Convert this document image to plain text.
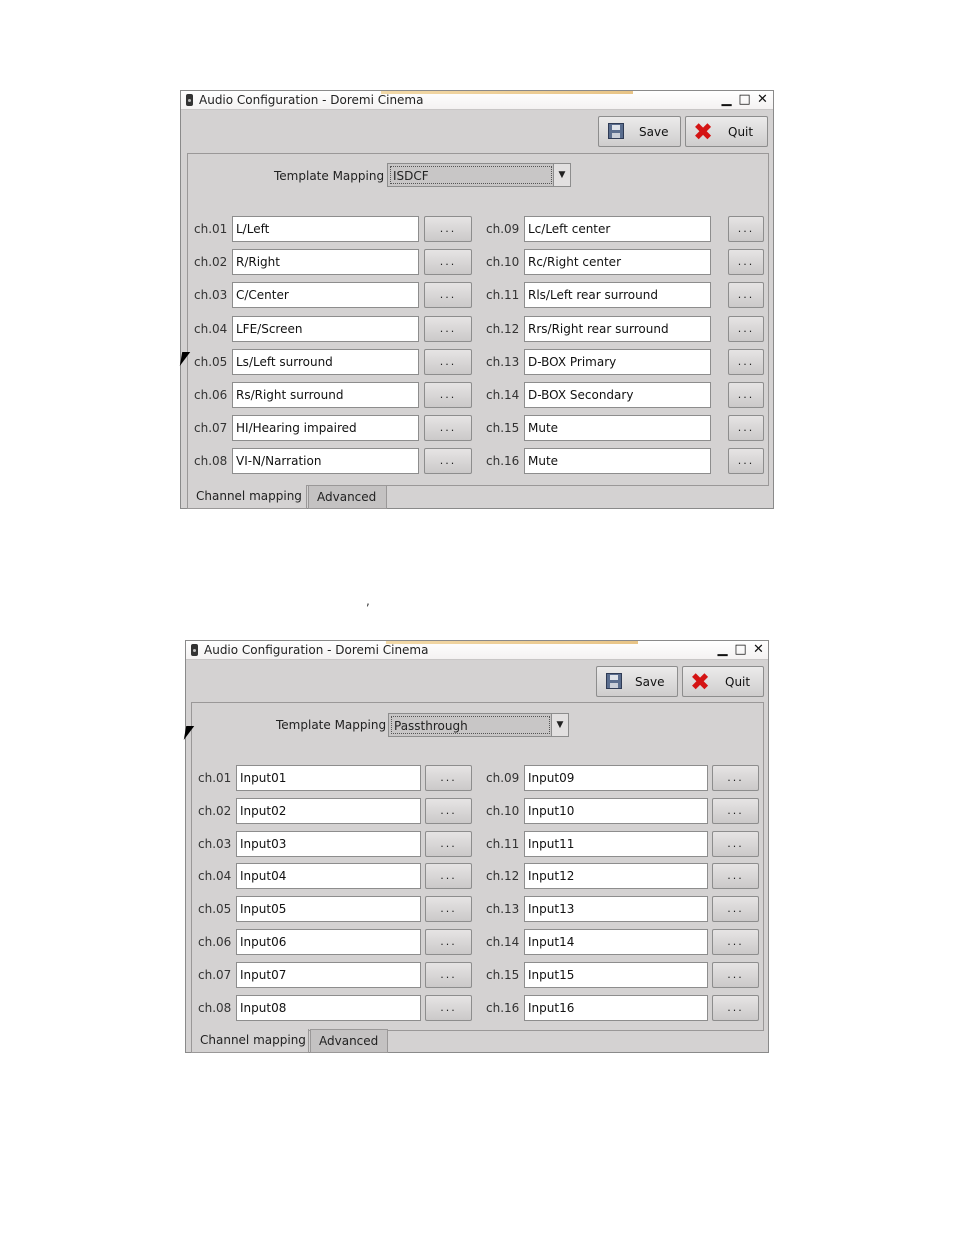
Audio Configuration - Doremi Cinema	▁ □ ✕
Save ✖ Quit
Template Mapping ISDCF	▼
ch.01 L/Left	...
ch.02 R/Right	...
ch.03 C/Center	...
ch.04 LFE/Screen	...
ch.05 Ls/Left surround	...
ch.06 Rs/Right surround	...
ch.07 HI/Hearing impaired	...
ch.08 VI-N/Narration	...
ch.09 Lc/Left center	...
ch.10 Rc/Right center	...
ch.11 Rls/Left rear surround	...
ch.12 Rrs/Right rear surround	...
ch.13 D-BOX Primary	...
ch.14 D-BOX Secondary	...
ch.15 Mute	...
ch.16 Mute	...
Channel mapping	Advanced
,
Audio Configuration - Doremi Cinema	▁ □ ✕
Save ✖ Quit
Template Mapping Passthrough	▼
ch.01 Input01	...
ch.02 Input02	...
ch.03 Input03	...
ch.04 Input04	...
ch.05 Input05	...
ch.06 Input06	...
ch.07 Input07	...
ch.08 Input08	...
ch.09 Input09	...
ch.10 Input10	...
ch.11 Input11	...
ch.12 Input12	...
ch.13 Input13	...
ch.14 Input14	...
ch.15 Input15	...
ch.16 Input16	...
Channel mapping	Advanced
